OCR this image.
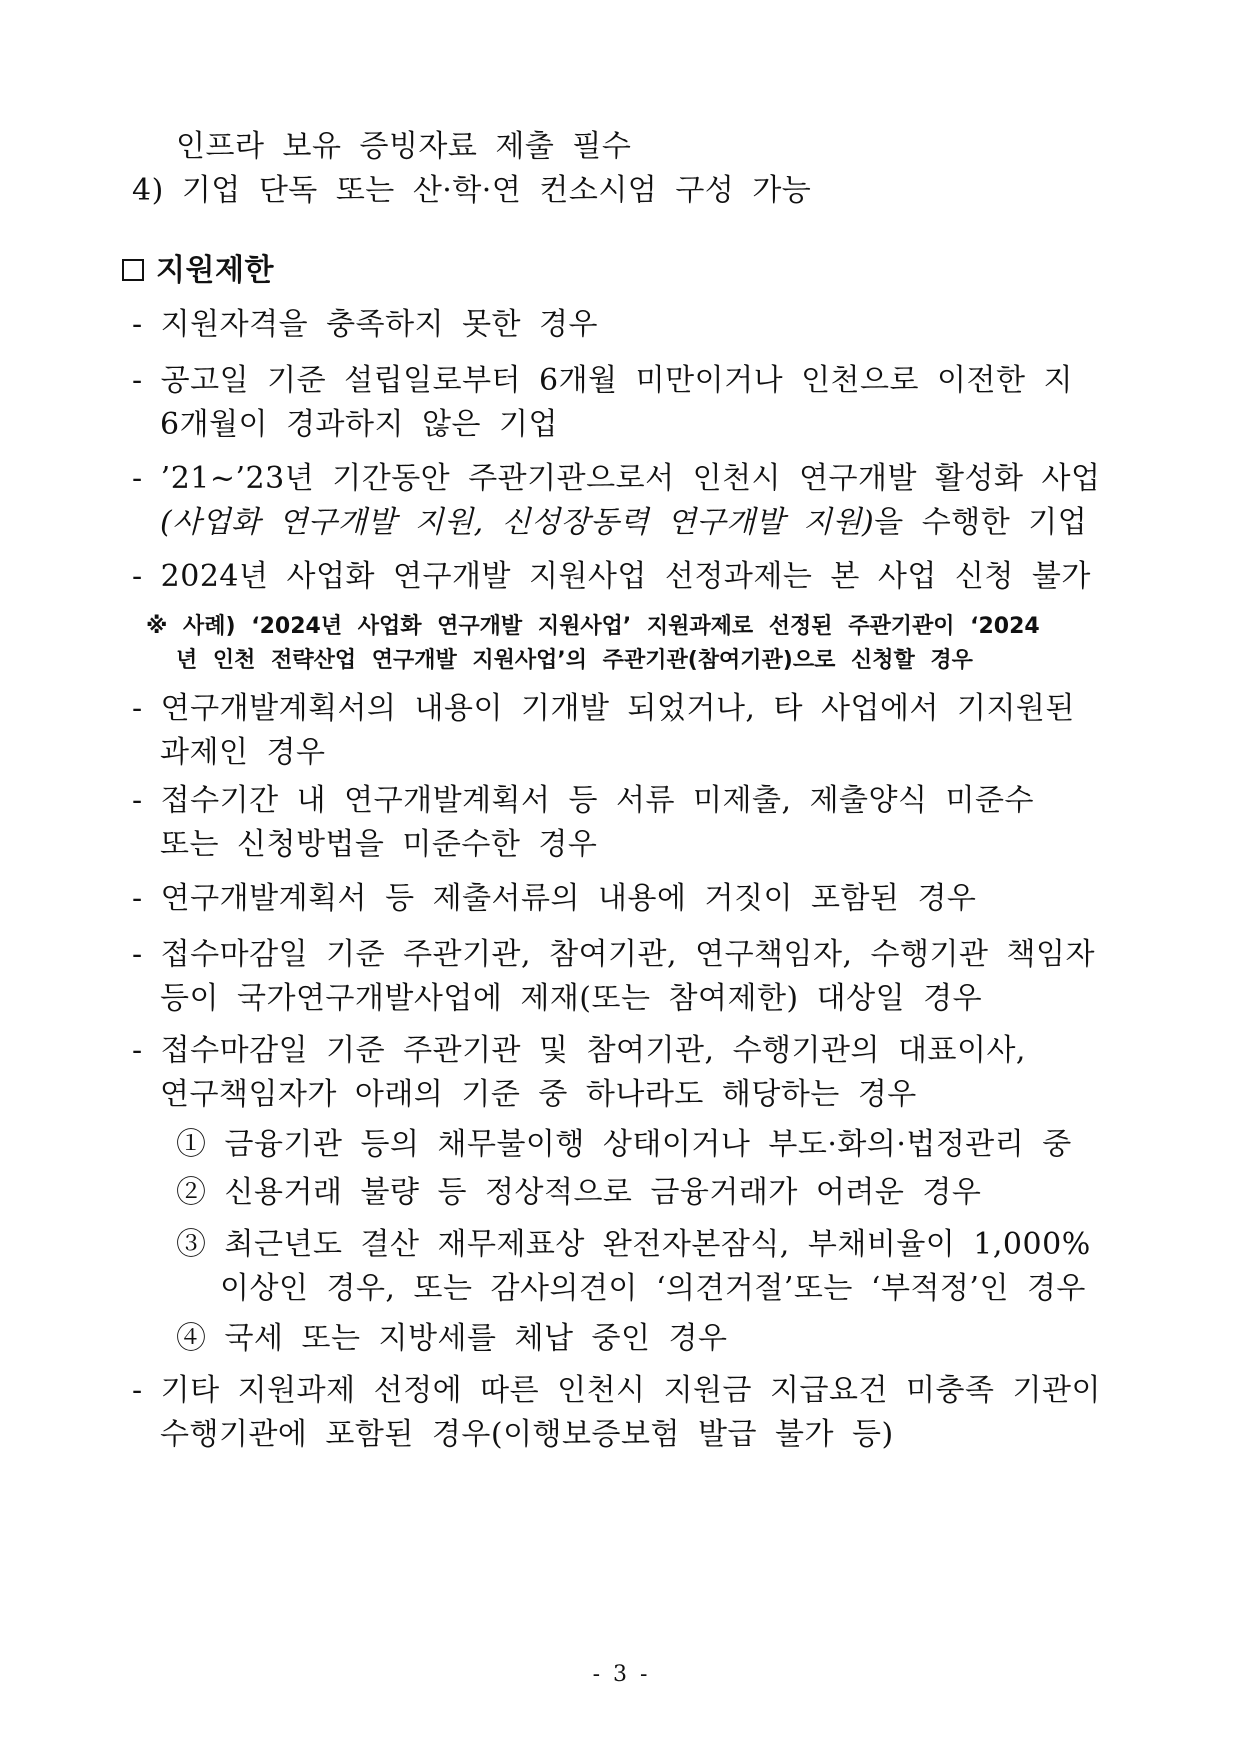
인프라 보유 증빙자료 제출 필수
4) 기업 단독 또는 산·학·연 컨소시엄 구성 가능
지원제한
- 지원자격을 충족하지 못한 경우
- 공고일 기준 설립일로부터 6개월 미만이거나 인천으로 이전한 지
6개월이 경과하지 않은 기업
- ’21~’23년 기간동안 주관기관으로서 인천시 연구개발 활성화 사업
(사업화 연구개발 지원, 신성장동력 연구개발 지원)을 수행한 기업
- 2024년 사업화 연구개발 지원사업 선정과제는 본 사업 신청 불가
※ 사례) ‘2024년 사업화 연구개발 지원사업’ 지원과제로 선정된 주관기관이 ‘2024
년 인천 전략산업 연구개발 지원사업’의 주관기관(참여기관)으로 신청할 경우
- 연구개발계획서의 내용이 기개발 되었거나, 타 사업에서 기지원된
과제인 경우
- 접수기간 내 연구개발계획서 등 서류 미제출, 제출양식 미준수
또는 신청방법을 미준수한 경우
- 연구개발계획서 등 제출서류의 내용에 거짓이 포함된 경우
- 접수마감일 기준 주관기관, 참여기관, 연구책임자, 수행기관 책임자
등이 국가연구개발사업에 제재(또는 참여제한) 대상일 경우
- 접수마감일 기준 주관기관 및 참여기관, 수행기관의 대표이사,
연구책임자가 아래의 기준 중 하나라도 해당하는 경우
① 금융기관 등의 채무불이행 상태이거나 부도·화의·법정관리 중
② 신용거래 불량 등 정상적으로 금융거래가 어려운 경우
③ 최근년도 결산 재무제표상 완전자본잠식, 부채비율이 1,000%
이상인 경우, 또는 감사의견이 ‘의견거절’또는 ‘부적정’인 경우
④ 국세 또는 지방세를 체납 중인 경우
- 기타 지원과제 선정에 따른 인천시 지원금 지급요건 미충족 기관이
수행기관에 포함된 경우(이행보증보험 발급 불가 등)
- 3 -
